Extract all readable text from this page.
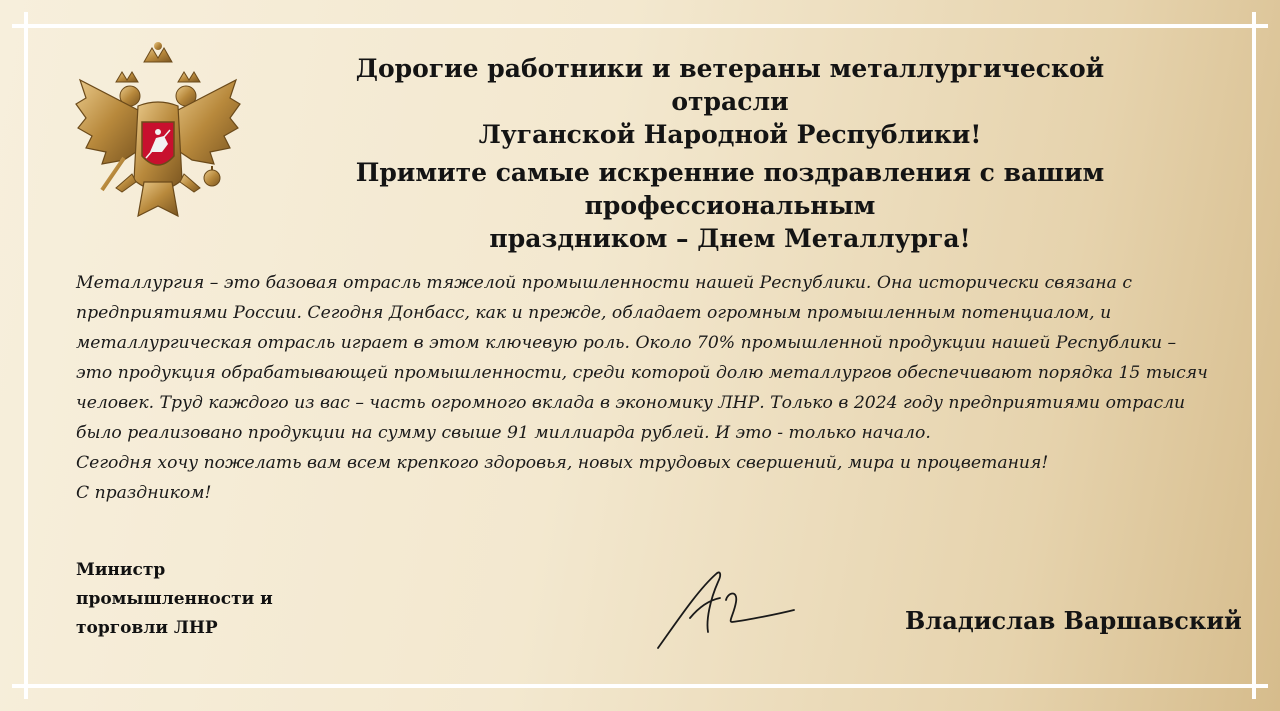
Дорогие работники и ветераны металлургической отрасли
Луганской Народной Республики!
Примите самые искренние поздравления с вашим
профессиональным
праздником – Днем Металлурга!
Металлургия – это базовая отрасль тяжелой промышленности нашей Республики. Она исторически связана с
предприятиями России. Сегодня Донбасс, как и прежде, обладает огромным промышленным потенциалом, и
металлургическая отрасль играет в этом ключевую роль. Около 70% промышленной продукции нашей Республики –
это продукция обрабатывающей промышленности, среди которой долю металлургов обеспечивают порядка 15 тысяч
человек. Труд каждого из вас – часть огромного вклада в экономику ЛНР. Только в 2024 году предприятиями отрасли
было реализовано продукции на сумму свыше 91 миллиарда рублей. И это - только начало.
Сегодня хочу пожелать вам всем крепкого здоровья, новых трудовых свершений, мира и процветания!
С праздником!
Министр
промышленности и
торговли ЛНР	Владислав Варшавский
